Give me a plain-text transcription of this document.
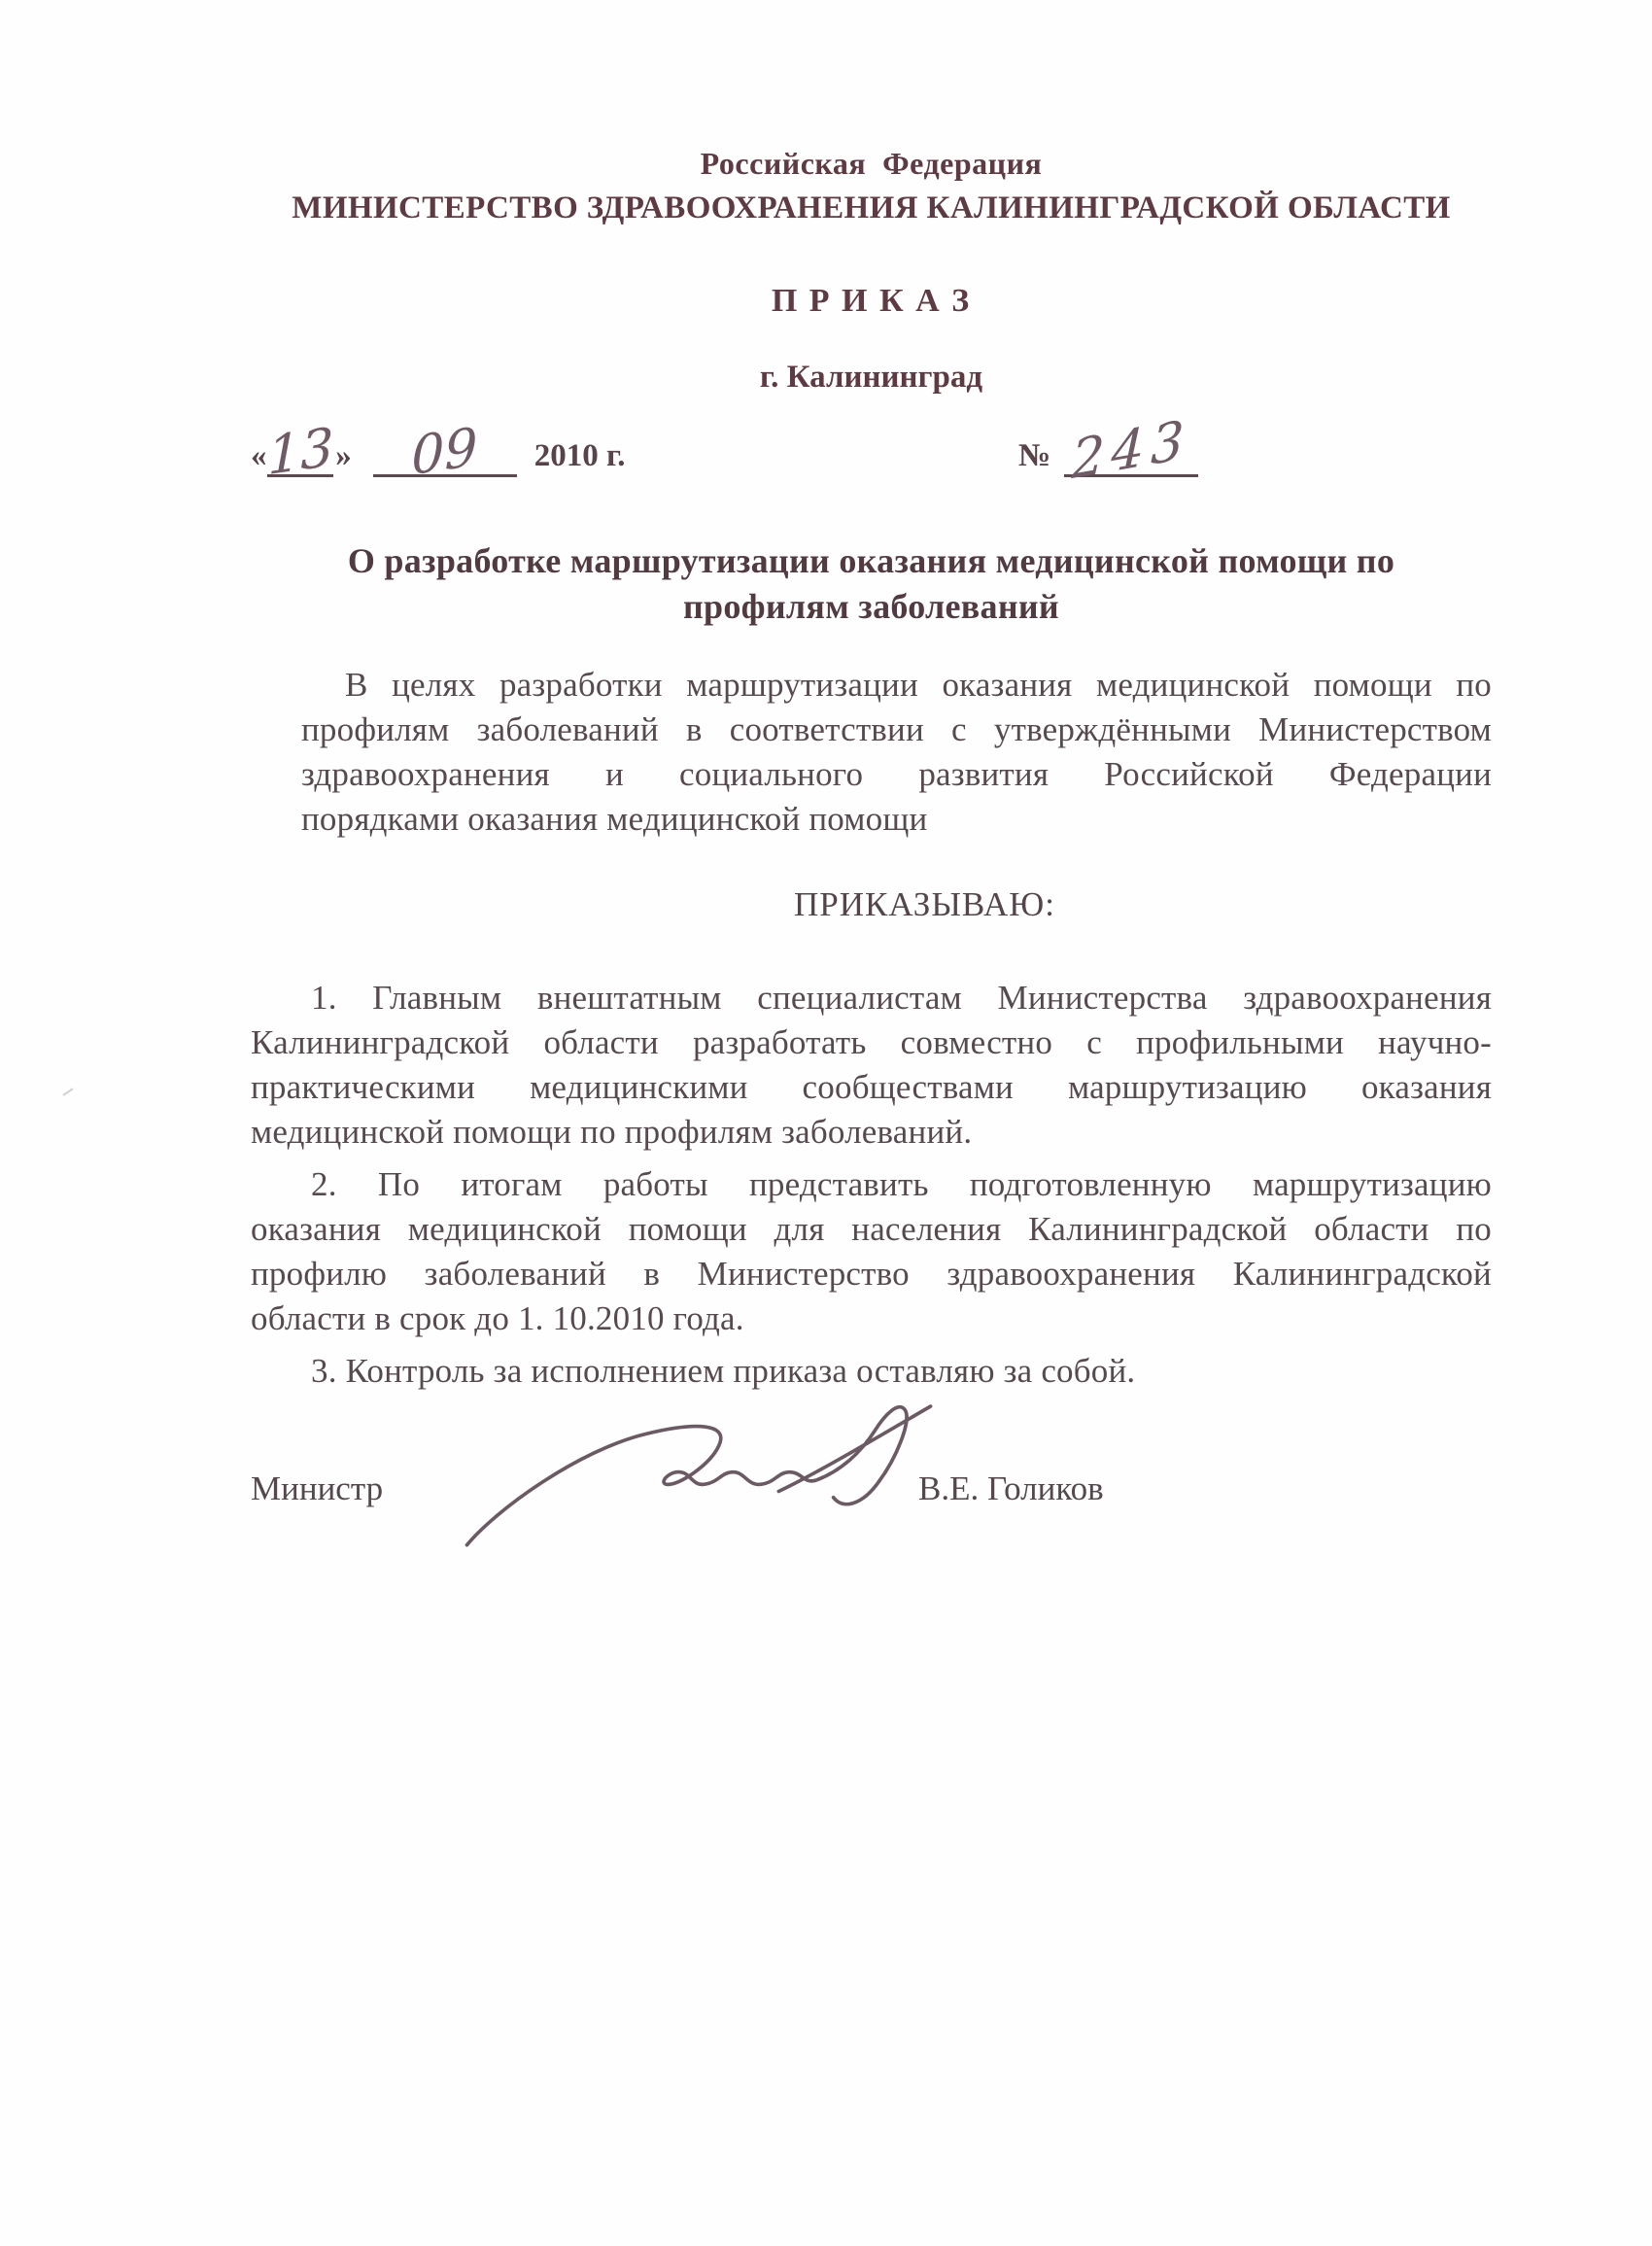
Российская  Федерация
МИНИСТЕРСТВО ЗДРАВООХРАНЕНИЯ КАЛИНИНГРАДСКОЙ ОБЛАСТИ
П Р И К А З
г. Калининград
«13» 09 2010 г.	№ 243
О разработке маршрутизации оказания медицинской помощи по
профилям заболеваний
В целях разработки маршрутизации оказания медицинской помощи по
профилям заболеваний в соответствии с утверждёнными Министерством
здравоохранения и социального развития Российской Федерации
порядками оказания медицинской помощи
ПРИКАЗЫВАЮ:
1. Главным внештатным специалистам Министерства здравоохранения
Калининградской области разработать совместно с профильными научно-
практическими медицинскими сообществами маршрутизацию оказания
медицинской помощи по профилям заболеваний.
2. По итогам работы представить подготовленную маршрутизацию
оказания медицинской помощи для населения Калининградской области по
профилю заболеваний в Министерство здравоохранения Калининградской
области в срок до 1. 10.2010 года.
3. Контроль за исполнением приказа оставляю за собой.
Министр	В.Е. Голиков
